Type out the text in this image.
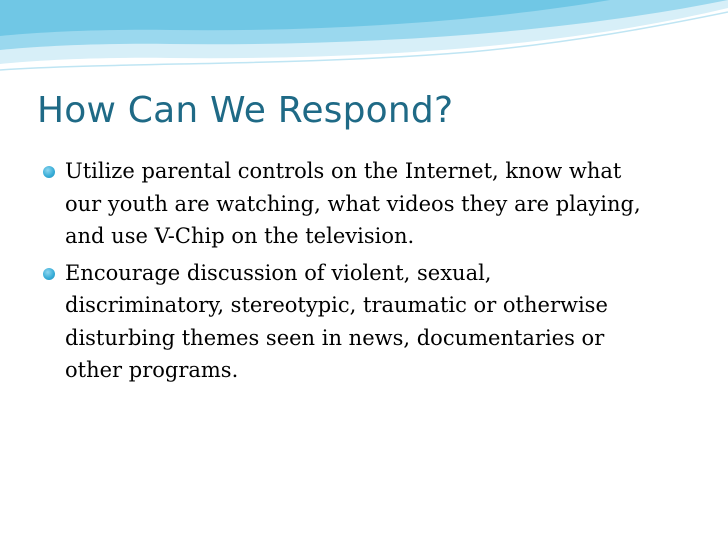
How Can We Respond?
Utilize parental controls on the Internet, know what
our youth are watching, what videos they are playing,
and use V-Chip on the television.
Encourage discussion of violent, sexual,
discriminatory, stereotypic, traumatic or otherwise
disturbing themes seen in news, documentaries or
other programs.
